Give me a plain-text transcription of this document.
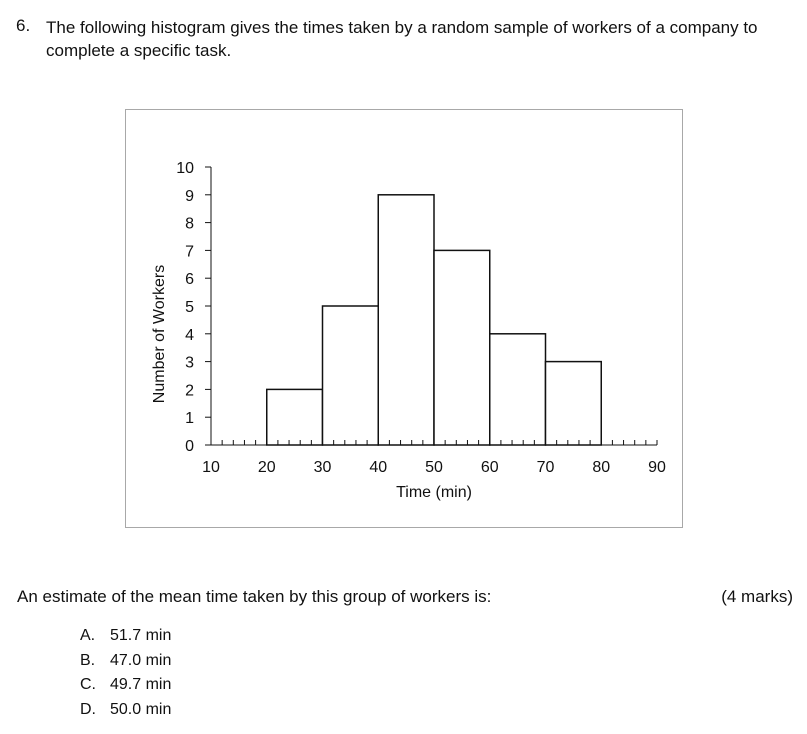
6. The following histogram gives the times taken by a random sample of workers of a company to complete a specific task.
10 20 30 40 50 60 70 80 90
0
1
2
3
4
5
6
7
8
9
10
Time (min)
Number of Workers
An estimate of the mean time taken by this group of workers is:	(4 marks)
A. 51.7 min
B. 47.0 min
C. 49.7 min
D. 50.0 min
